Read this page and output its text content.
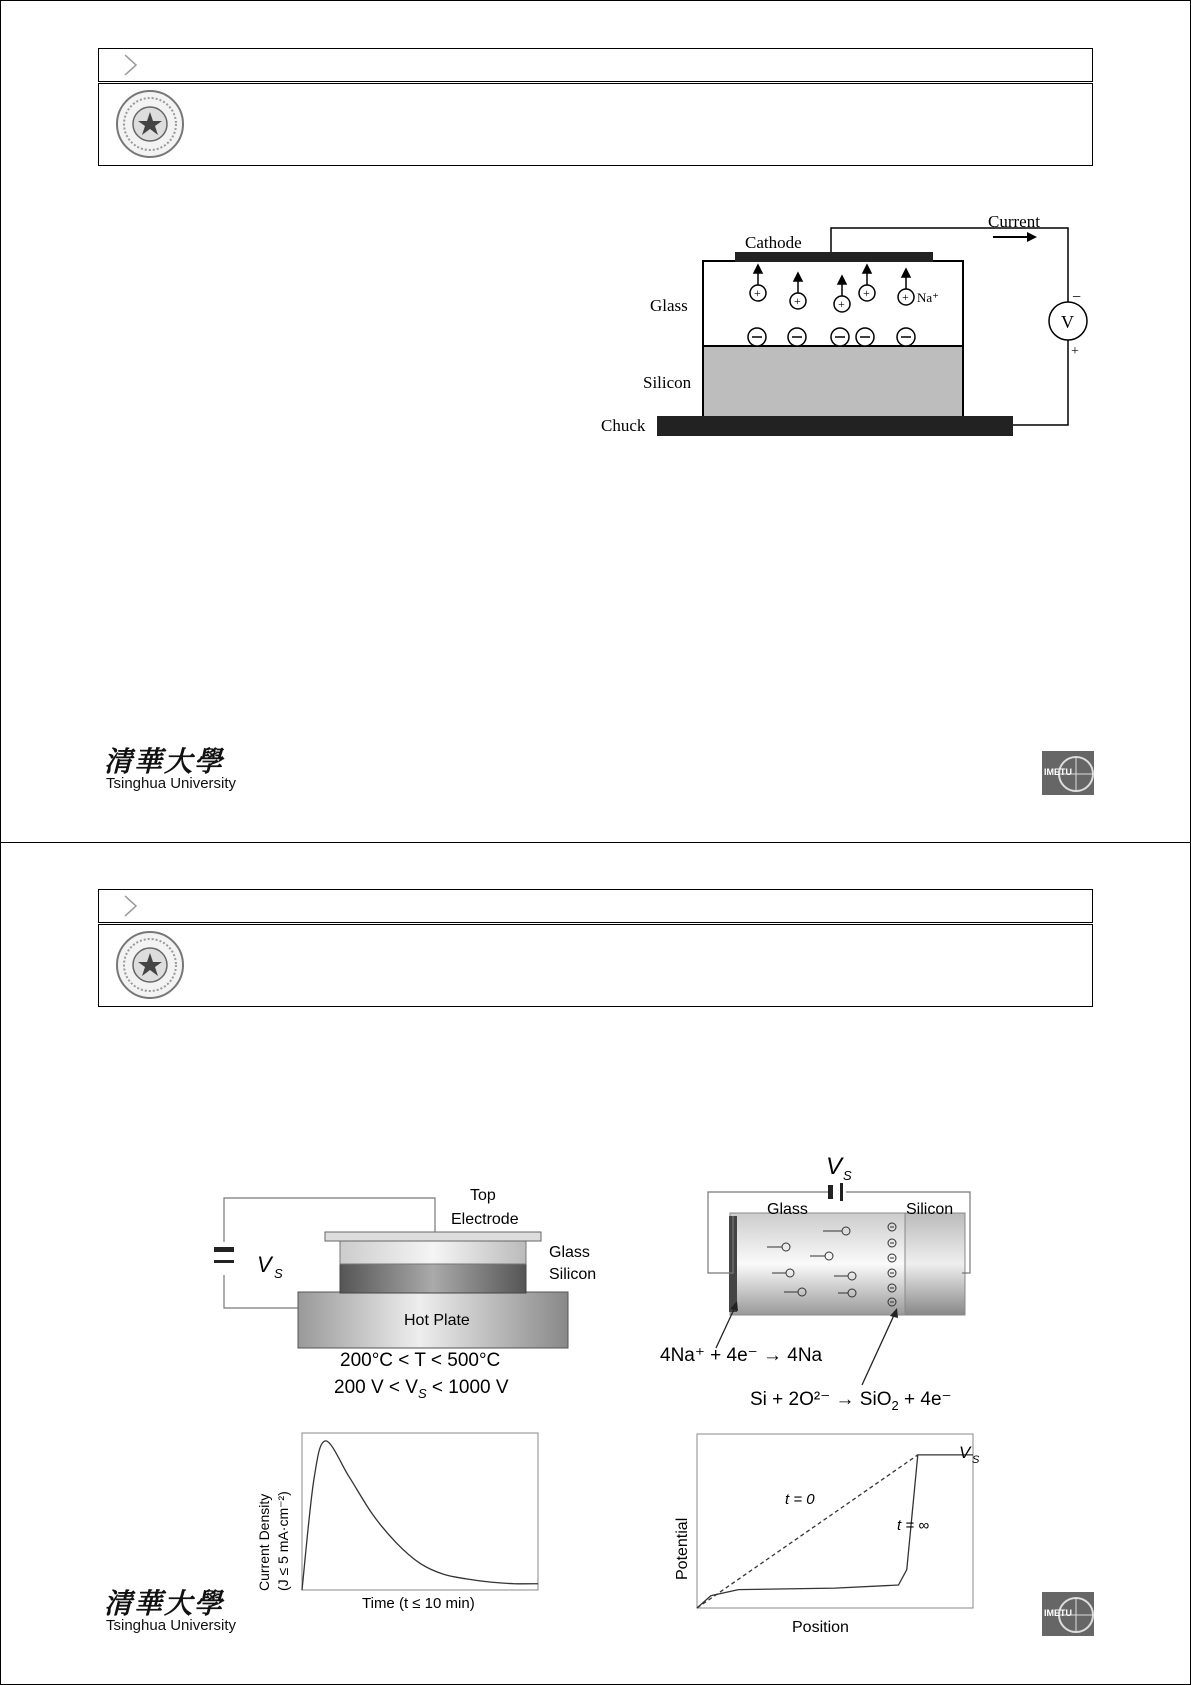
V
−
+
Current
Cathode
Glass
Silicon
Chuck
+
+	+
+	+ Na⁺
清華大學
Tsinghua University
IMETU
V S
Top
Electrode
Glass
Silicon
Hot Plate
200°C < T < 500°C
200 $V < V_S < 1000$ V
V S
Glass	Silicon
4Na⁺ + 4e⁻ → 4Na
Si + 2O²⁻ → SiO$_2$ + 4e⁻
Current Density (J ≤ 5 mA·cm⁻²)
Time (t ≤ 10 min)
t = 0
t = ∞
V S
Potential
Position
清華大學
Tsinghua University
IMETU
